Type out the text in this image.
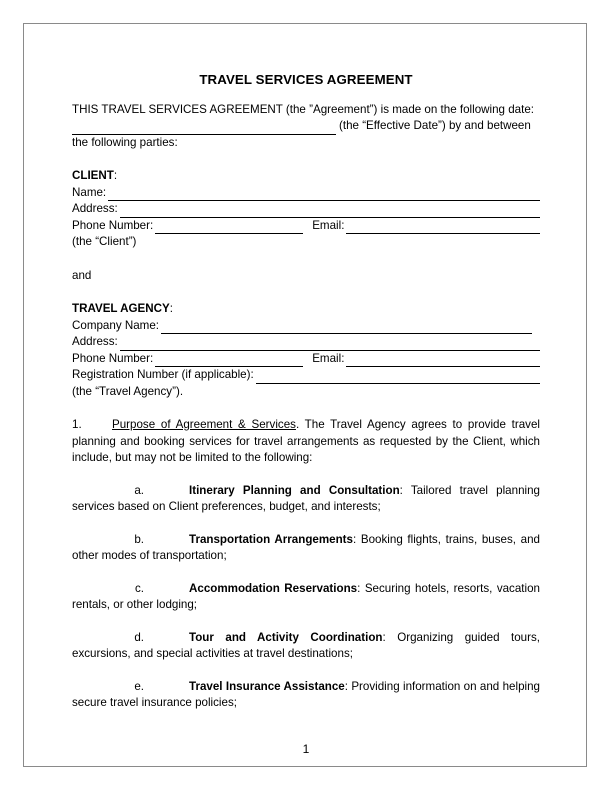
TRAVEL SERVICES AGREEMENT

THIS TRAVEL SERVICES AGREEMENT (the ”Agreement”) is made on the following date:

(the “Effective Date”) by and between

the following parties:

CLIENT:
Name:
Address:
Phone Number:	Email:

(the “Client”)

and

TRAVEL AGENCY:
Company Name:
Address:
Phone Number:	Email:
Registration Number (if applicable):

(the “Travel Agency”).

1.	Purpose of Agreement & Services. The Travel Agency agrees to provide travel planning and booking services for travel arrangements as requested by the Client, which include, but may not be limited to the following:

a.	Itinerary Planning and Consultation: Tailored travel planning services based on Client preferences, budget, and interests;

b.	Transportation Arrangements: Booking flights, trains, buses, and other modes of transportation;

c.	Accommodation Reservations: Securing hotels, resorts, vacation rentals, or other lodging;

d.	Tour and Activity Coordination: Organizing guided tours, excursions, and special activities at travel destinations;

e.	Travel Insurance Assistance: Providing information on and helping secure travel insurance policies;

1
